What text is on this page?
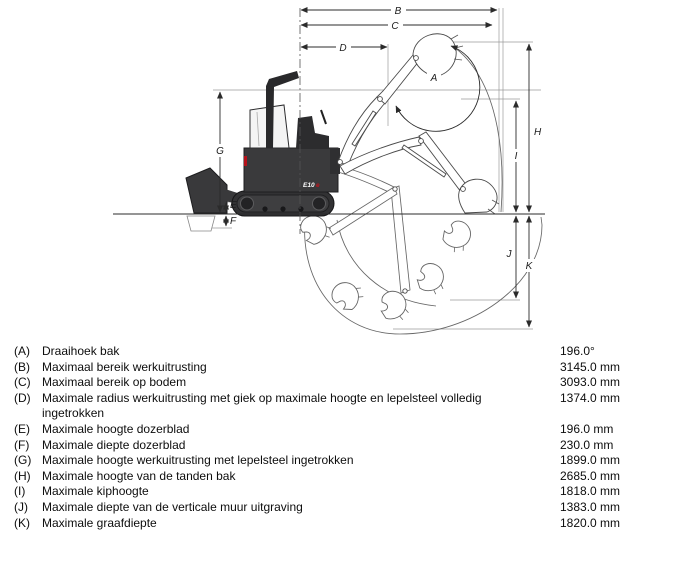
E10 e
B
C
D
A
G
E
F
H
I
J
K
(A)	Draaihoek bak	196.0°
(B)	Maximaal bereik werkuitrusting	3145.0 mm
(C) Maximaal bereik op bodem	3093.0 mm
(D) Maximale radius werkuitrusting met giek op maximale hoogte en lepelsteel volledig ingetrokken
1374.0 mm
(E)	Maximale hoogte dozerblad	196.0 mm
(F)	Maximale diepte dozerblad	230.0 mm
(G) Maximale hoogte werkuitrusting met lepelsteel ingetrokken	1899.0 mm
(H) Maximale hoogte van de tanden bak	2685.0 mm
(I)	Maximale kiphoogte	1818.0 mm
(J)	Maximale diepte van de verticale muur uitgraving	1383.0 mm
(K)	Maximale graafdiepte	1820.0 mm
